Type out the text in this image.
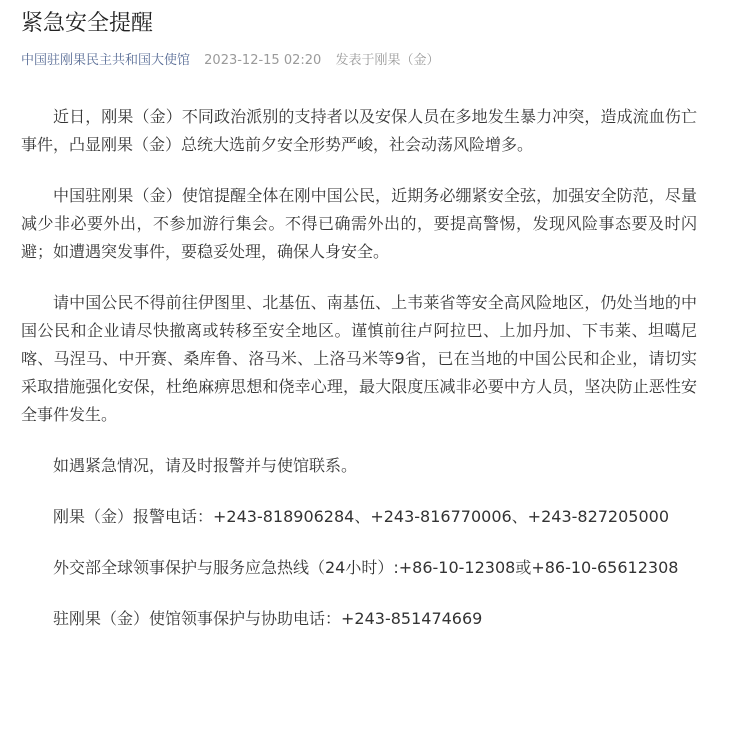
紧急安全提醒
中国驻刚果民主共和国大使馆 2023-12-15 02:20 发表于刚果（金）

近日，刚果（金）不同政治派别的支持者以及安保人员在多地发生暴力冲突，造成流血伤亡事件，凸显刚果（金）总统大选前夕安全形势严峻，社会动荡风险增多。

中国驻刚果（金）使馆提醒全体在刚中国公民，近期务必绷紧安全弦，加强安全防范，尽量减少非必要外出，不参加游行集会。不得已确需外出的，要提高警惕，发现风险事态要及时闪避；如遭遇突发事件，要稳妥处理，确保人身安全。

请中国公民不得前往伊图里、北基伍、南基伍、上韦莱省等安全高风险地区，仍处当地的中国公民和企业请尽快撤离或转移至安全地区。谨慎前往卢阿拉巴、上加丹加、下韦莱、坦噶尼喀、马涅马、中开赛、桑库鲁、洛马米、上洛马米等9省，已在当地的中国公民和企业，请切实采取措施强化安保，杜绝麻痹思想和侥幸心理，最大限度压减非必要中方人员，坚决防止恶性安全事件发生。

如遇紧急情况，请及时报警并与使馆联系。

刚果（金）报警电话：+243-818906284、+243-816770006、+243-827205000

外交部全球领事保护与服务应急热线（24小时）:+86-10-12308或+86-10-65612308

驻刚果（金）使馆领事保护与协助电话：+243-851474669
